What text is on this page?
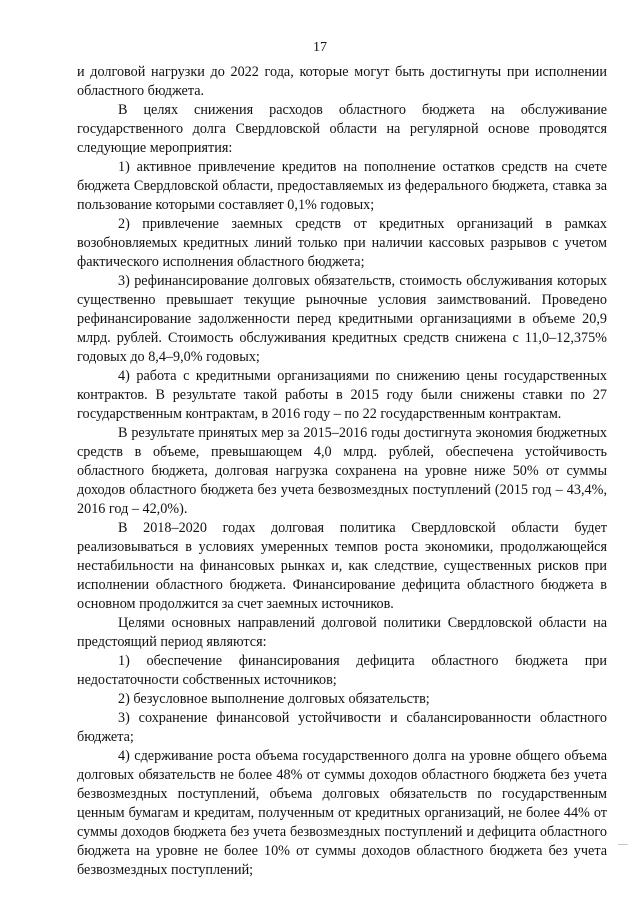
17

и долговой нагрузки до 2022 года, которые могут быть достигнуты при исполнении областного бюджета.

В целях снижения расходов областного бюджета на обслуживание государственного долга Свердловской области на регулярной основе проводятся следующие мероприятия:

1) активное привлечение кредитов на пополнение остатков средств на счете бюджета Свердловской области, предоставляемых из федерального бюджета, ставка за пользование которыми составляет 0,1% годовых;

2) привлечение заемных средств от кредитных организаций в рамках возобновляемых кредитных линий только при наличии кассовых разрывов с учетом фактического исполнения областного бюджета;

3) рефинансирование долговых обязательств, стоимость обслуживания которых существенно превышает текущие рыночные условия заимствований. Проведено рефинансирование задолженности перед кредитными организациями в объеме 20,9 млрд. рублей. Стоимость обслуживания кредитных средств снижена с 11,0–12,375% годовых до 8,4–9,0% годовых;

4) работа с кредитными организациями по снижению цены государственных контрактов. В результате такой работы в 2015 году были снижены ставки по 27 государственным контрактам, в 2016 году – по 22 государственным контрактам.

В результате принятых мер за 2015–2016 годы достигнута экономия бюджетных средств в объеме, превышающем 4,0 млрд. рублей, обеспечена устойчивость областного бюджета, долговая нагрузка сохранена на уровне ниже 50% от суммы доходов областного бюджета без учета безвозмездных поступлений (2015 год – 43,4%, 2016 год – 42,0%).

В 2018–2020 годах долговая политика Свердловской области будет реализовываться в условиях умеренных темпов роста экономики, продолжающейся нестабильности на финансовых рынках и, как следствие, существенных рисков при исполнении областного бюджета. Финансирование дефицита областного бюджета в основном продолжится за счет заемных источников.

Целями основных направлений долговой политики Свердловской области на предстоящий период являются:

1) обеспечение финансирования дефицита областного бюджета при недостаточности собственных источников;

2) безусловное выполнение долговых обязательств;

3) сохранение финансовой устойчивости и сбалансированности областного бюджета;

4) сдерживание роста объема государственного долга на уровне общего объема долговых обязательств не более 48% от суммы доходов областного бюджета без учета безвозмездных поступлений, объема долговых обязательств по государственным ценным бумагам и кредитам, полученным от кредитных организаций, не более 44% от суммы доходов бюджета без учета безвозмездных поступлений и дефицита областного бюджета на уровне не более 10% от суммы доходов областного бюджета без учета безвозмездных поступлений;
